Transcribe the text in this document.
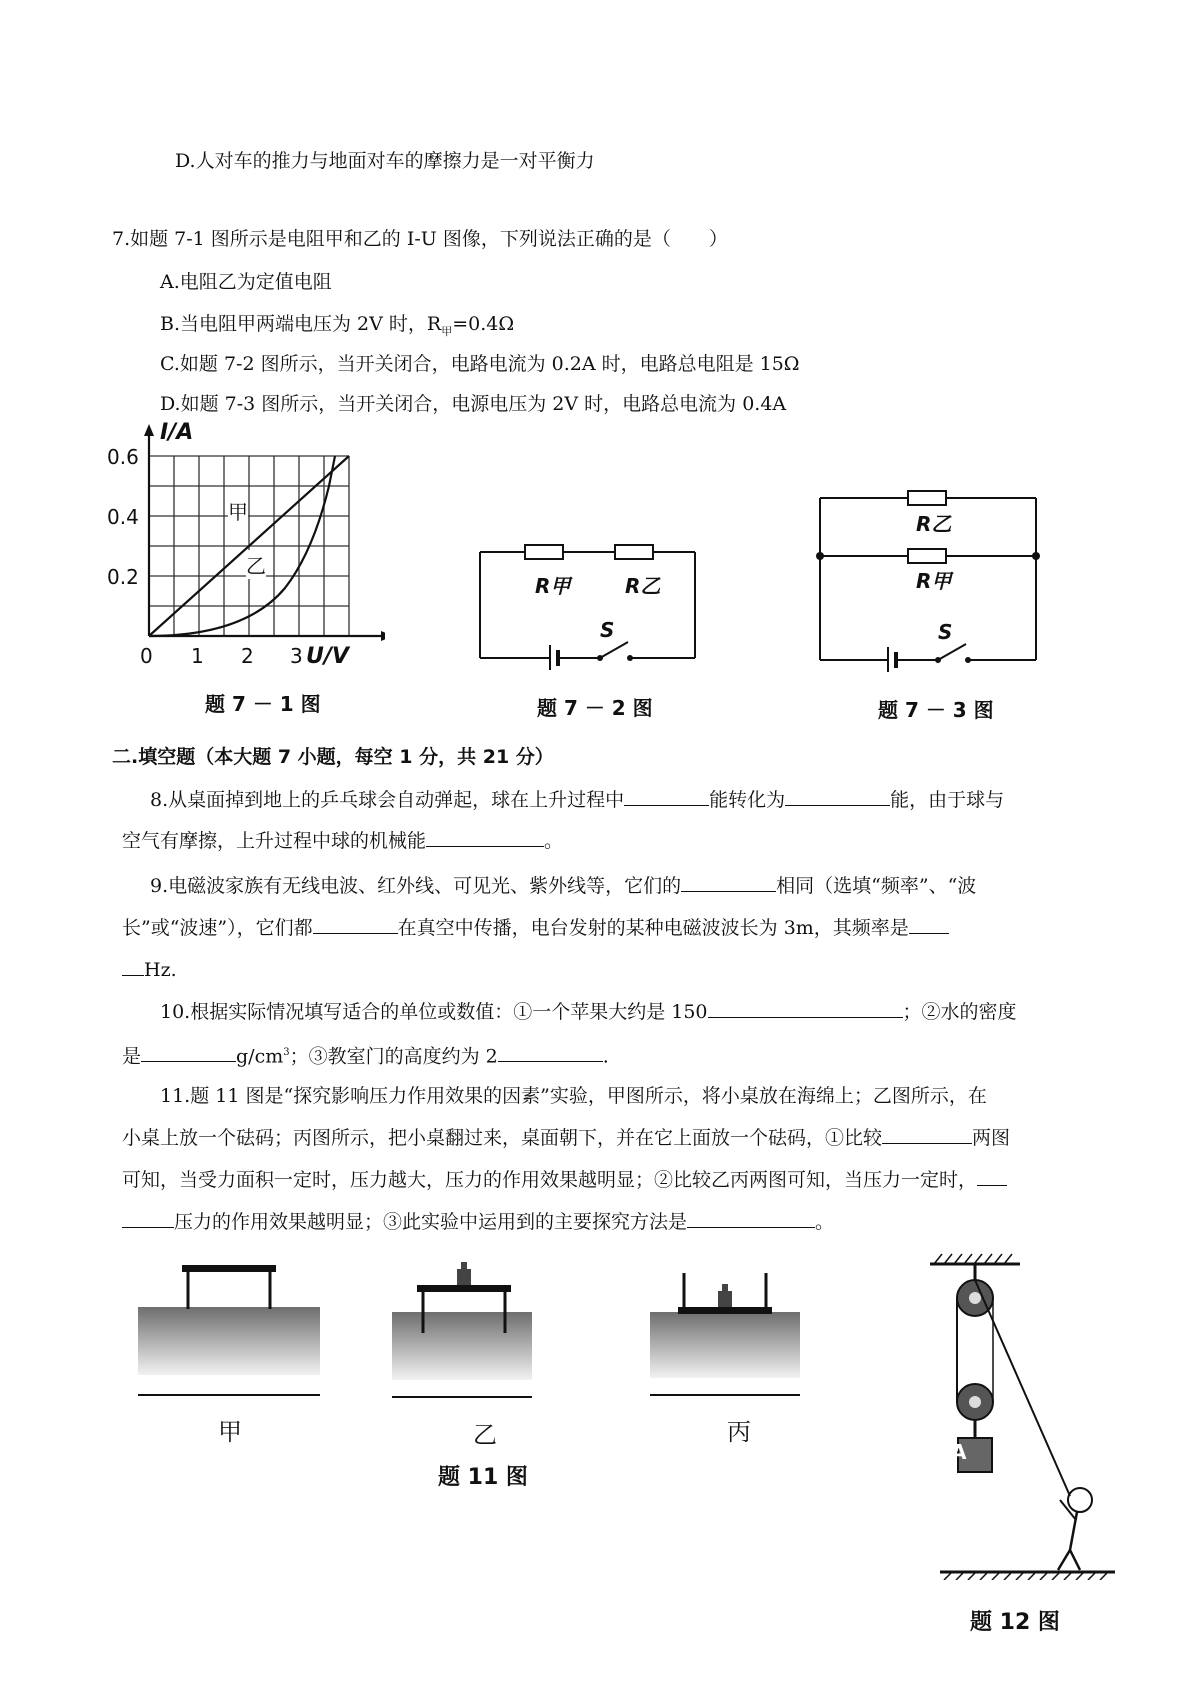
D.人对车的推力与地面对车的摩擦力是一对平衡力
7.如题 7-1 图所示是电阻甲和乙的 I-U 图像，下列说法正确的是（　　）
A.电阻乙为定值电阻
B.当电阻甲两端电压为 2V 时，$R_甲=0.4\Omega$
C.如题 7-2 图所示，当开关闭合，电路电流为 0.2A 时，电路总电阻是 15Ω
D.如题 7-3 图所示，当开关闭合，电源电压为 2V 时，电路总电流为 0.4A
I/A
U/V
0.6
0.4
0.2
0 1 2 3
甲
乙
题 7 － 1 图
R甲	R乙
S
题 7 － 2 图
R乙
R甲
S
题 7 － 3 图
二.填空题（本大题 7 小题，每空 1 分，共 21 分）
8.从桌面掉到地上的乒乓球会自动弹起，球在上升过程中	能转化为	能，由于球与
空气有摩擦，上升过程中球的机械能	。
9.电磁波家族有无线电波、红外线、可见光、紫外线等，它们的	相同（选填“频率”、“波
长”或“波速”），它们都	在真空中传播，电台发射的某种电磁波波长为 3m，其频率是
Hz.
10.根据实际情况填写适合的单位或数值：①一个苹果大约是 150	；②水的密度
是	$g/cm^3$；③教室门的高度约为 2	.
11.题 11 图是“探究影响压力作用效果的因素”实验，甲图所示，将小桌放在海绵上；乙图所示，在
小桌上放一个砝码；丙图所示，把小桌翻过来，桌面朝下，并在它上面放一个砝码，①比较	两图
可知，当受力面积一定时，压力越大，压力的作用效果越明显；②比较乙丙两图可知，当压力一定时，
压力的作用效果越明显；③此实验中运用到的主要探究方法是	。
甲	乙	丙
题 11 图
A
题 12 图
